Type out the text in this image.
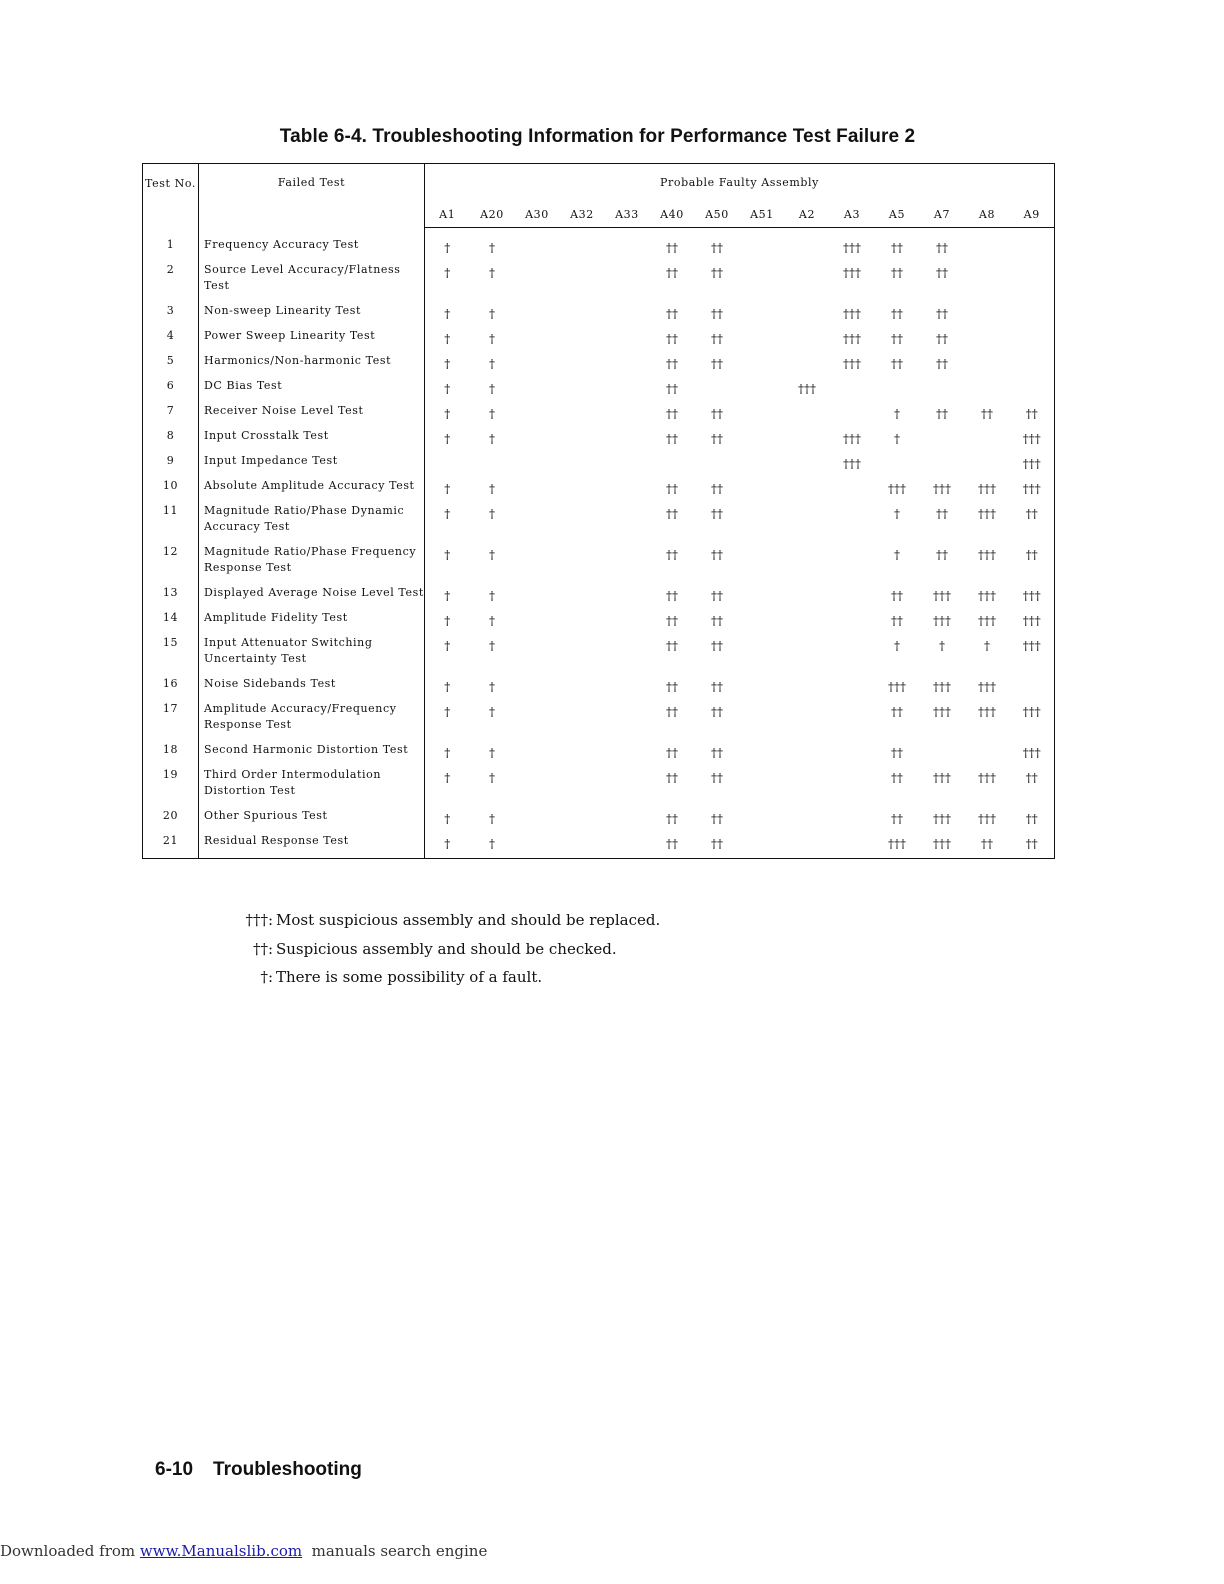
Table 6-4. Troubleshooting Information for Performance Test Failure 2
Test No.	Failed Test	Probable Faulty Assembly													
		A1	A20	A30	A32	A33	A40	A50	A51	A2	A3	A5	A7	A8	A9
1	Frequency Accuracy Test	†	†				††	††			†††	††	††		
2	Source Level Accuracy/Flatness Test	†	†				††	††			†††	††	††		
3	Non-sweep Linearity Test	†	†				††	††			†††	††	††		
4	Power Sweep Linearity Test	†	†				††	††			†††	††	††		
5	Harmonics/Non-harmonic Test	†	†				††	††			†††	††	††		
6	DC Bias Test	†	†				††			†††					
7	Receiver Noise Level Test	†	†				††	††				†	††	††	††
8	Input Crosstalk Test	†	†				††	††			†††	†			†††
9	Input Impedance Test										†††				†††
10	Absolute Amplitude Accuracy Test	†	†				††	††				†††	†††	†††	†††
11	Magnitude Ratio/Phase Dynamic Accuracy Test	†	†				††	††				†	††	†††	††
12	Magnitude Ratio/Phase Frequency Response Test	†	†				††	††				†	††	†††	††
13	Displayed Average Noise Level Test	†	†				††	††				††	†††	†††	†††
14	Amplitude Fidelity Test	†	†				††	††				††	†††	†††	†††
15	Input Attenuator Switching Uncertainty Test	†	†				††	††				†	†	†	†††
16	Noise Sidebands Test	†	†				††	††				†††	†††	†††	
17	Amplitude Accuracy/Frequency Response Test	†	†				††	††				††	†††	†††	†††
18	Second Harmonic Distortion Test	†	†				††	††				††			†††
19	Third Order Intermodulation Distortion Test	†	†				††	††				††	†††	†††	††
20	Other Spurious Test	†	†				††	††				††	†††	†††	††
21	Residual Response Test	†	†				††	††				†††	†††	††	††
†††: Most suspicious assembly and should be replaced.
††: Suspicious assembly and should be checked.
†: There is some possibility of a fault.
6-10 Troubleshooting
Downloaded from www.Manualslib.com  manuals search engine
